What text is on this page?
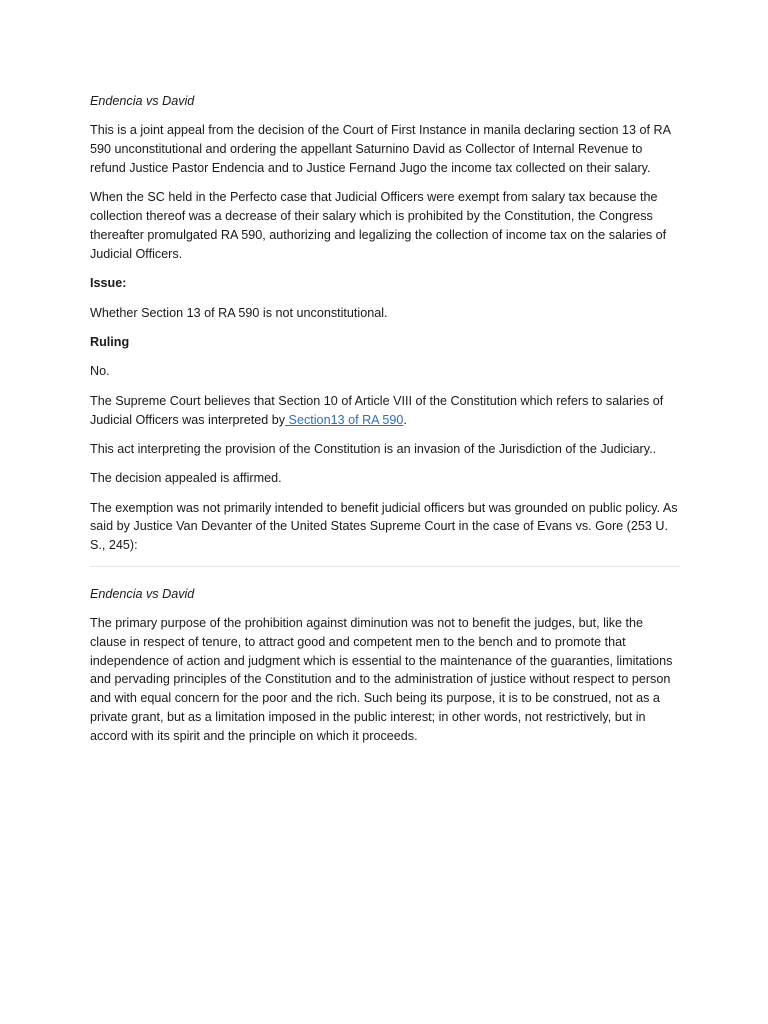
Endencia vs David

This is a joint appeal from the decision of the Court of First Instance in manila declaring section 13 of RA 590 unconstitutional and ordering the appellant Saturnino David as Collector of Internal Revenue to refund Justice Pastor Endencia and to Justice Fernand Jugo the income tax collected on their salary.

When the SC held in the Perfecto case that Judicial Officers were exempt from salary tax because the collection thereof was a decrease of their salary which is prohibited by the Constitution, the Congress thereafter promulgated RA 590, authorizing and legalizing the collection of income tax on the salaries of Judicial Officers.

Issue:

Whether Section 13 of RA 590 is not unconstitutional.

Ruling

No.

The Supreme Court believes that Section 10 of Article VIII of the Constitution which refers to salaries of Judicial Officers was interpreted by Section13 of RA 590.

This act interpreting the provision of the Constitution is an invasion of the Jurisdiction of the Judiciary..

The decision appealed is affirmed.

The exemption was not primarily intended to benefit judicial officers but was grounded on public policy. As said by Justice Van Devanter of the United States Supreme Court in the case of Evans vs. Gore (253 U. S., 245):

Endencia vs David

The primary purpose of the prohibition against diminution was not to benefit the judges, but, like the clause in respect of tenure, to attract good and competent men to the bench and to promote that independence of action and judgment which is essential to the maintenance of the guaranties, limitations and pervading principles of the Constitution and to the administration of justice without respect to person and with equal concern for the poor and the rich. Such being its purpose, it is to be construed, not as a private grant, but as a limitation imposed in the public interest; in other words, not restrictively, but in accord with its spirit and the principle on which it proceeds.
